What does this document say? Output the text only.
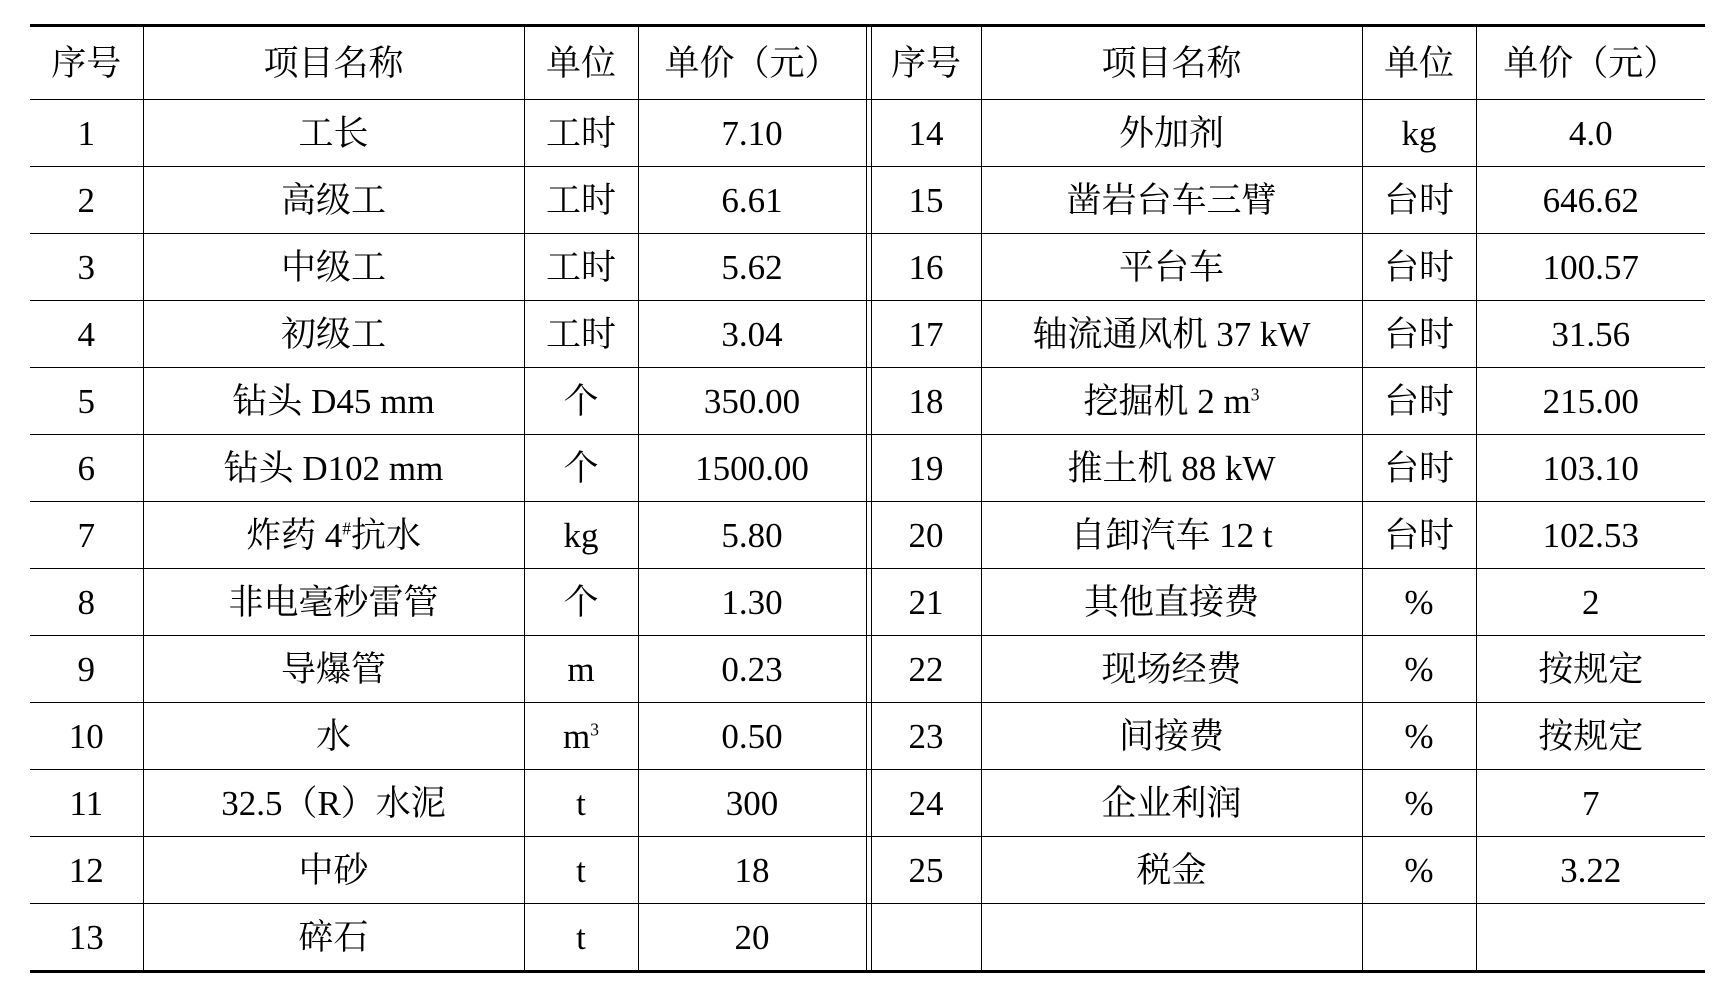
序号	项目名称	单位	单价（元）		序号	项目名称	单位	单价（元）
1	工长	工时	7.10		14	外加剂	kg	4.0
2	高级工	工时	6.61		15	凿岩台车三臂	台时	646.62
3	中级工	工时	5.62		16	平台车	台时	100.57
4	初级工	工时	3.04		17	轴流通风机 37 kW	台时	31.56
5	钻头 D45 mm	个	350.00		18	挖掘机 2 $m^3$	台时	215.00
6	钻头 D102 mm	个	1500.00		19	推土机 88 kW	台时	103.10
7	炸药 4#抗水	kg	5.80		20	自卸汽车 12 t	台时	102.53
8	非电毫秒雷管	个	1.30		21	其他直接费	%	2
9	导爆管	m	0.23		22	现场经费	%	按规定
10	水	$m^3$	0.50		23	间接费	%	按规定
11	32.5（R）水泥	t	300		24	企业利润	%	7
12	中砂	t	18		25	税金	%	3.22
13	碎石	t	20					
